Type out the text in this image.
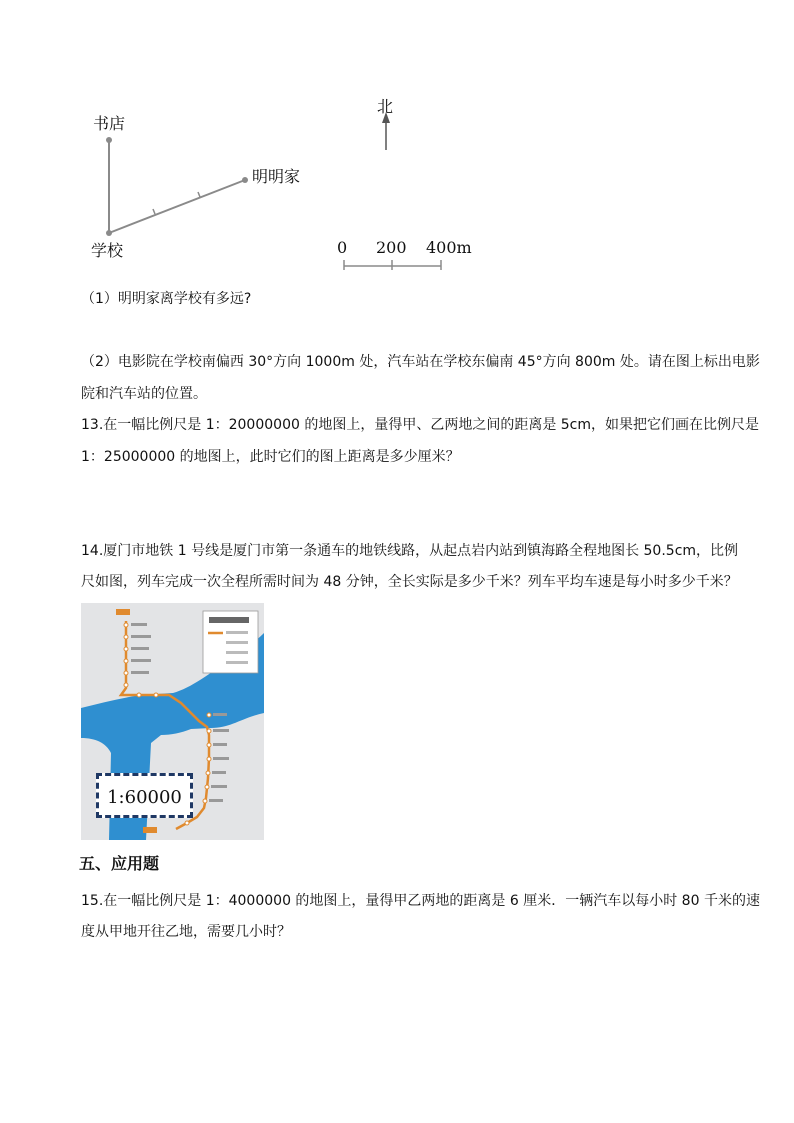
书店
明明家
学校
北
0 200 400m
（1）明明家离学校有多远?
（2）电影院在学校南偏西 30°方向 1000m 处，汽车站在学校东偏南 45°方向 800m 处。请在图上标出电影
院和汽车站的位置。
13.在一幅比例尺是 1：20000000 的地图上，量得甲、乙两地之间的距离是 5cm，如果把它们画在比例尺是
1：25000000 的地图上，此时它们的图上距离是多少厘米？
14.厦门市地铁 1 号线是厦门市第一条通车的地铁线路，从起点岩内站到镇海路全程地图长 50.5cm，比例
尺如图，列车完成一次全程所需时间为 48 分钟，全长实际是多少千米？列车平均车速是每小时多少千米？
1:60000
五、应用题
15.在一幅比例尺是 1：4000000 的地图上，量得甲乙两地的距离是 6 厘米．一辆汽车以每小时 80 千米的速
度从甲地开往乙地，需要几小时？
